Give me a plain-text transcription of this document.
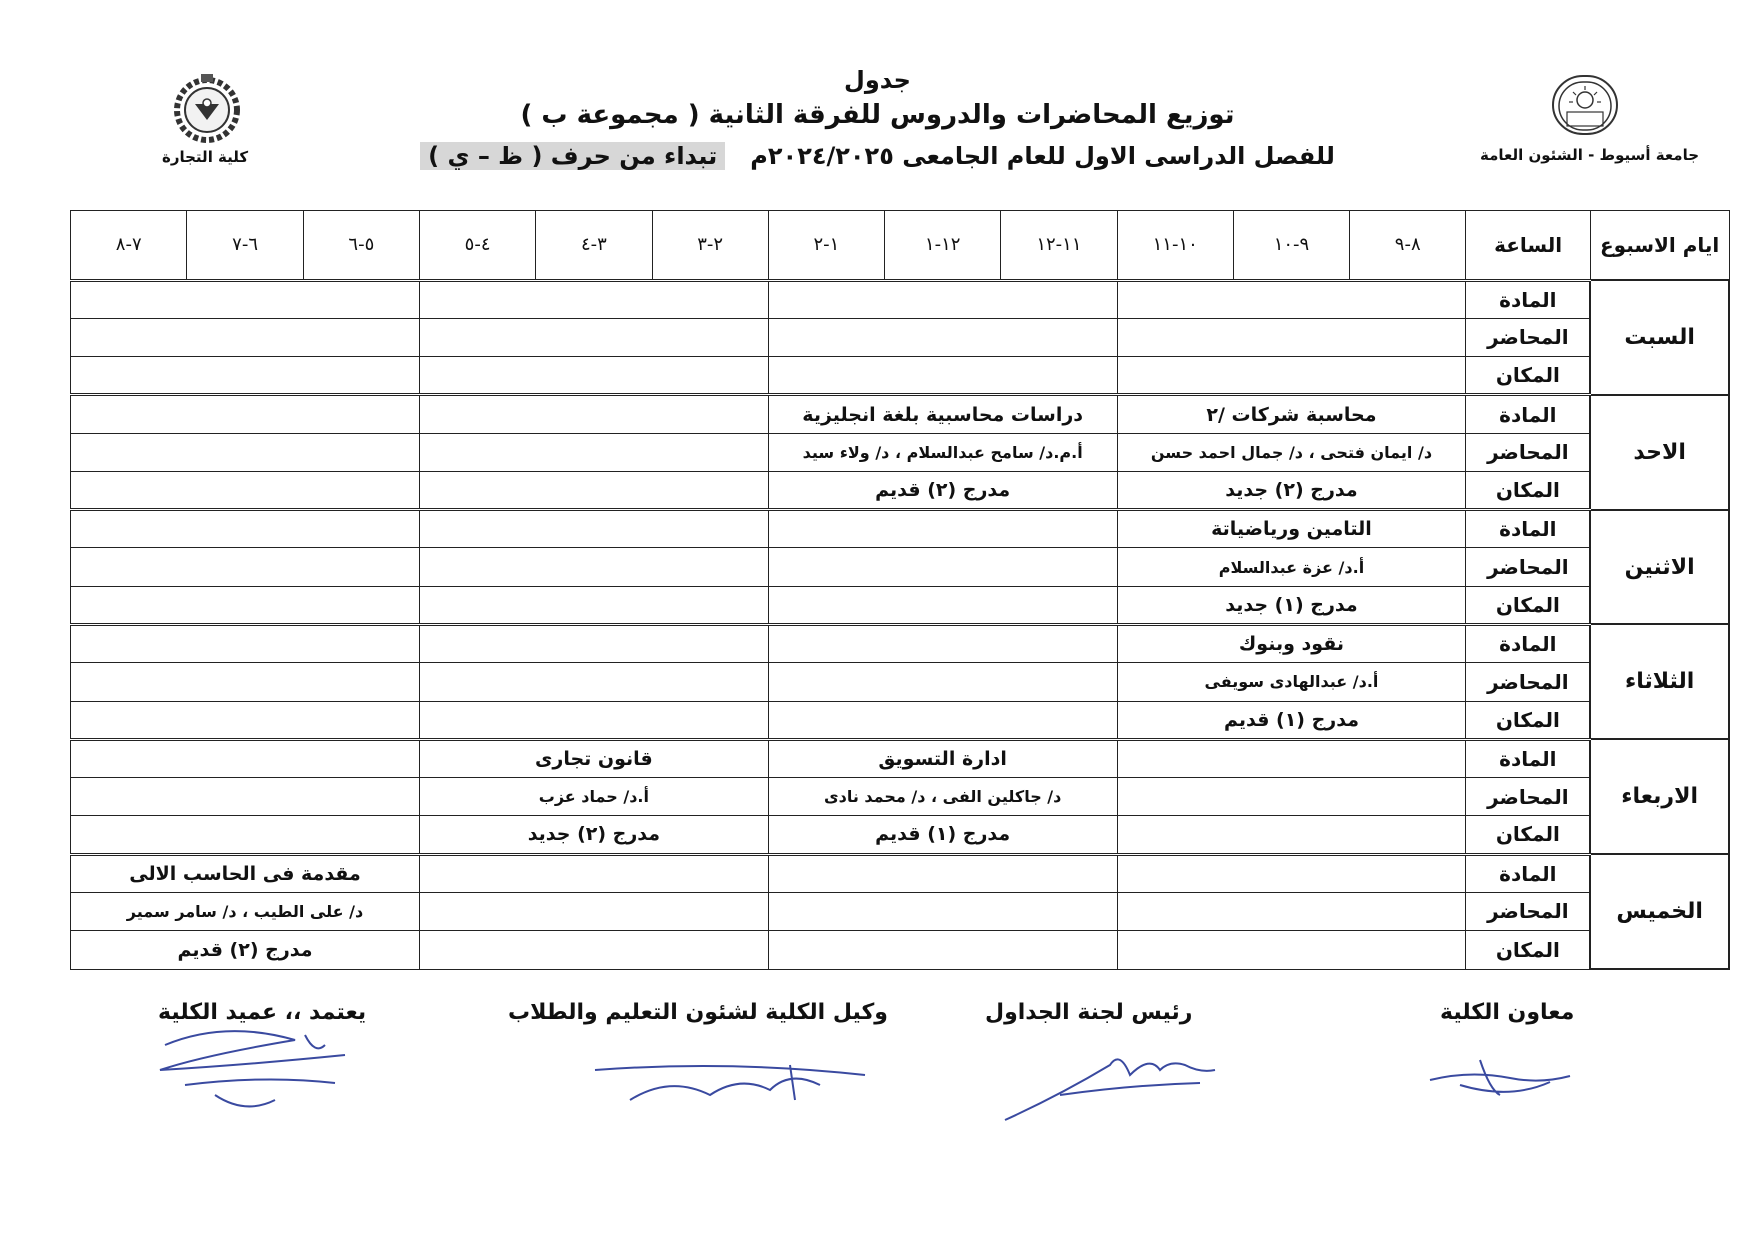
جامعة أسيوط - الشئون العامة
كلية التجارة
جدول
توزيع المحاضرات والدروس للفرقة الثانية ( مجموعة ب )
للفصل الدراسى الاول للعام الجامعى ٢٠٢٤/٢٠٢٥م   تبداء من حرف ( ظ – ي )
ايام الاسبوع	الساعة	٨-٩	٩-١٠	١٠-١١	١١-١٢	١٢-١	١-٢	٢-٣	٣-٤	٤-٥	٥-٦	٦-٧	٧-٨
السبت	المادة												
	المحاضر												
	المكان												
الاحد	المادة	محاسبة شركات /٢			دراسات محاسبية بلغة انجليزية								
	المحاضر	د/ ايمان فتحى ، د/ جمال احمد حسن			أ.م.د/ سامح عبدالسلام ، د/ ولاء سيد								
	المكان	مدرج (٢) جديد			مدرج (٢) قديم								
الاثنين	المادة	التامين ورياضياتة											
	المحاضر	أ.د/ عزة عبدالسلام											
	المكان	مدرج (١) جديد											
الثلاثاء	المادة	نقود وبنوك											
	المحاضر	أ.د/ عبدالهادى سويفى											
	المكان	مدرج (١) قديم											
الاربعاء	المادة				ادارة التسويق			قانون تجارى					
	المحاضر				د/ جاكلين الفى ، د/ محمد نادى			أ.د/ حماد عزب					
	المكان				مدرج (١) قديم			مدرج (٢) جديد					
الخميس	المادة										مقدمة فى الحاسب الالى		
	المحاضر										د/ على الطيب ، د/ سامر سمير		
	المكان										مدرج (٢) قديم		
معاون الكلية
رئيس لجنة الجداول
وكيل الكلية لشئون التعليم والطلاب
يعتمد ،، عميد الكلية
